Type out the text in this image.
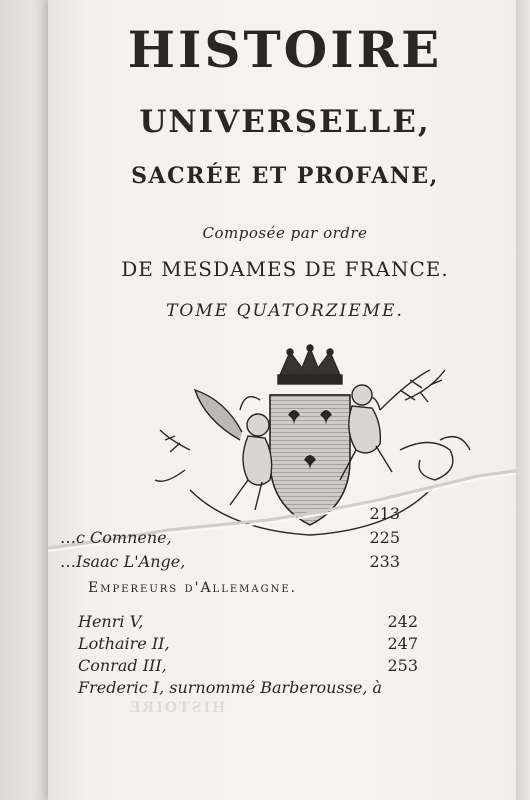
HISTOIRE
UNIVERSELLE,
SACRÉE ET PROFANE,
Composée par ordre
DE MESDAMES DE FRANCE.
TOME QUATORZIEME.
213
…c Comnene,	225
…Isaac L'Ange,	233
Empereurs d'Allemagne.
Henri V,	242
Lothaire II,	247
Conrad III,	253
Frederic I, surnommé Barberousse, à
HISTOIRE
